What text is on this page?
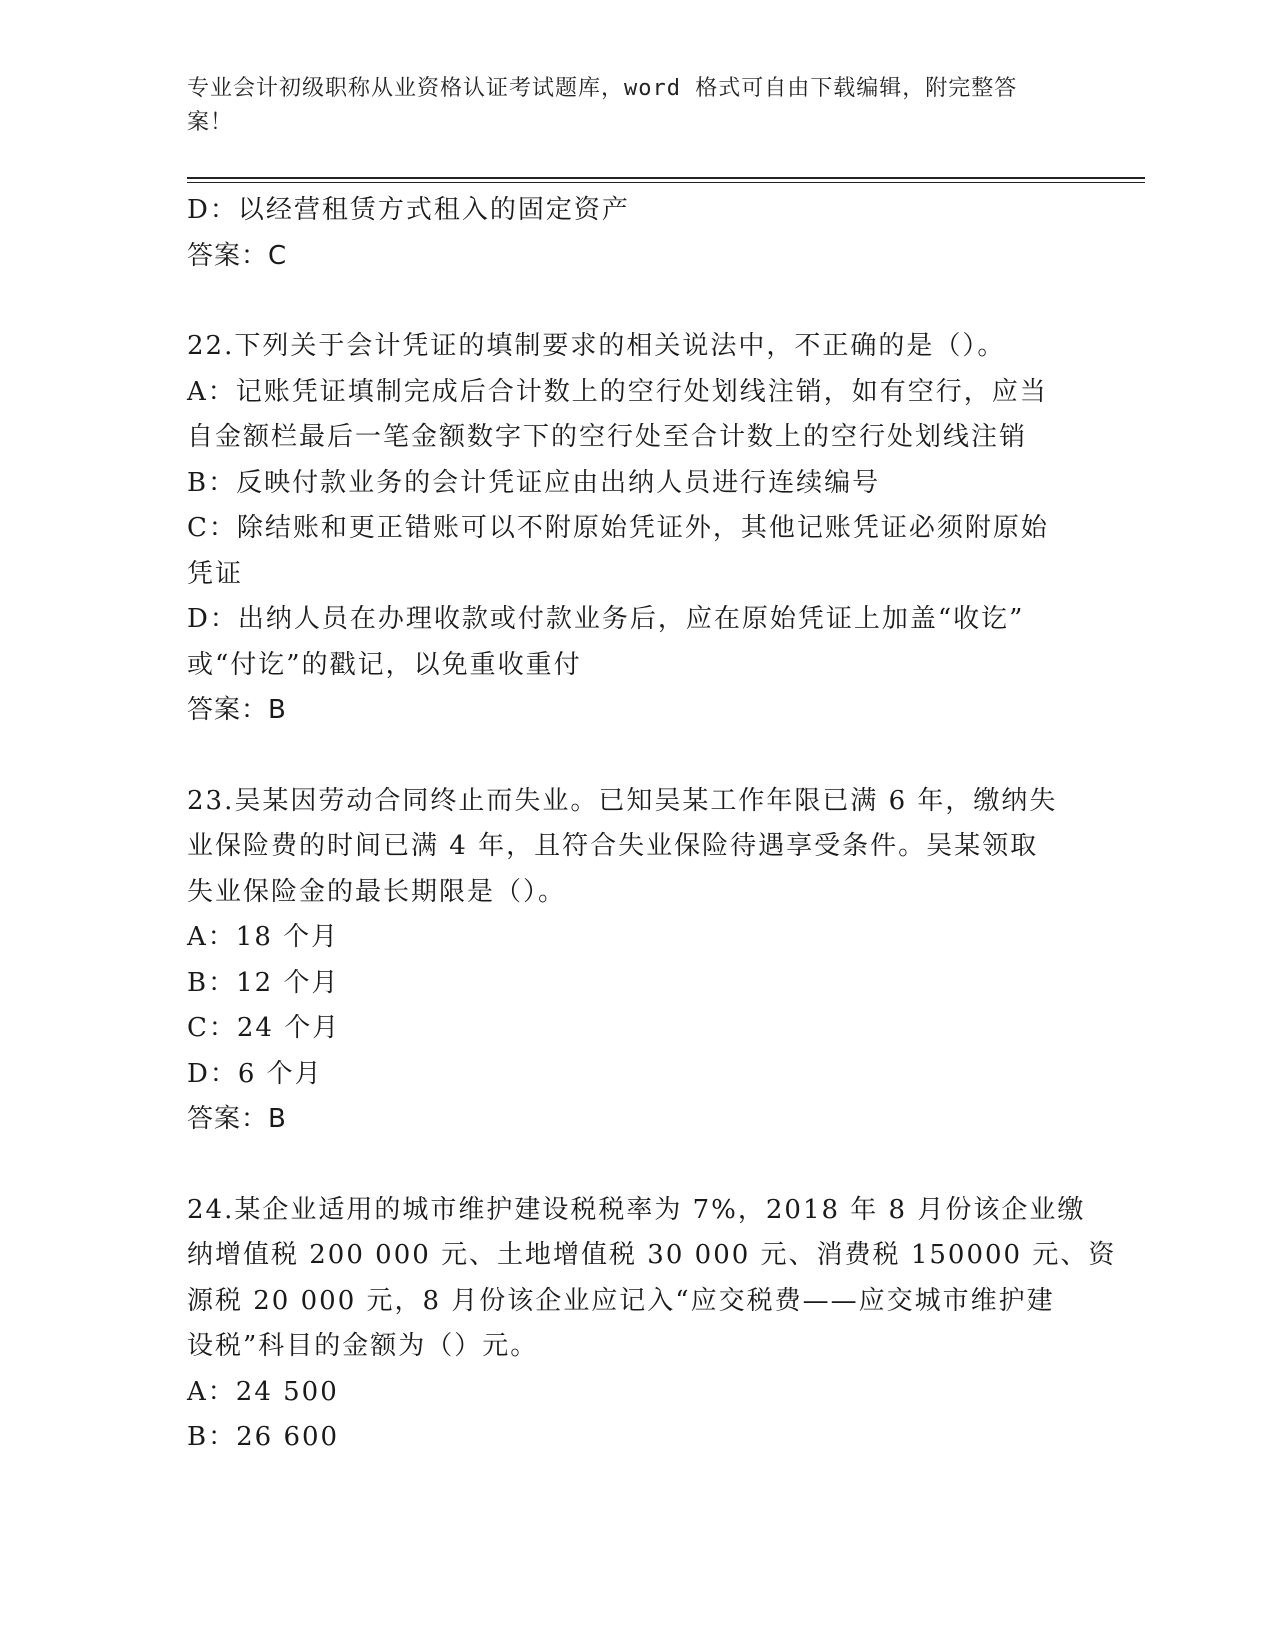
专业会计初级职称从业资格认证考试题库，word 格式可自由下载编辑，附完整答
案！
D：以经营租赁方式租入的固定资产
答案：C
22.下列关于会计凭证的填制要求的相关说法中，不正确的是（）。
A：记账凭证填制完成后合计数上的空行处划线注销，如有空行，应当
自金额栏最后一笔金额数字下的空行处至合计数上的空行处划线注销
B：反映付款业务的会计凭证应由出纳人员进行连续编号
C：除结账和更正错账可以不附原始凭证外，其他记账凭证必须附原始
凭证
D：出纳人员在办理收款或付款业务后，应在原始凭证上加盖“收讫”
或“付讫”的戳记，以免重收重付
答案：B
23.吴某因劳动合同终止而失业。已知吴某工作年限已满 6 年，缴纳失
业保险费的时间已满 4 年，且符合失业保险待遇享受条件。吴某领取
失业保险金的最长期限是（）。
A：18 个月
B：12 个月
C：24 个月
D：6 个月
答案：B
24.某企业适用的城市维护建设税税率为 7%，2018 年 8 月份该企业缴
纳增值税 200 000 元、土地增值税 30 000 元、消费税 150000 元、资
源税 20 000 元，8 月份该企业应记入“应交税费——应交城市维护建
设税”科目的金额为（）元。
A：24 500
B：26 600
